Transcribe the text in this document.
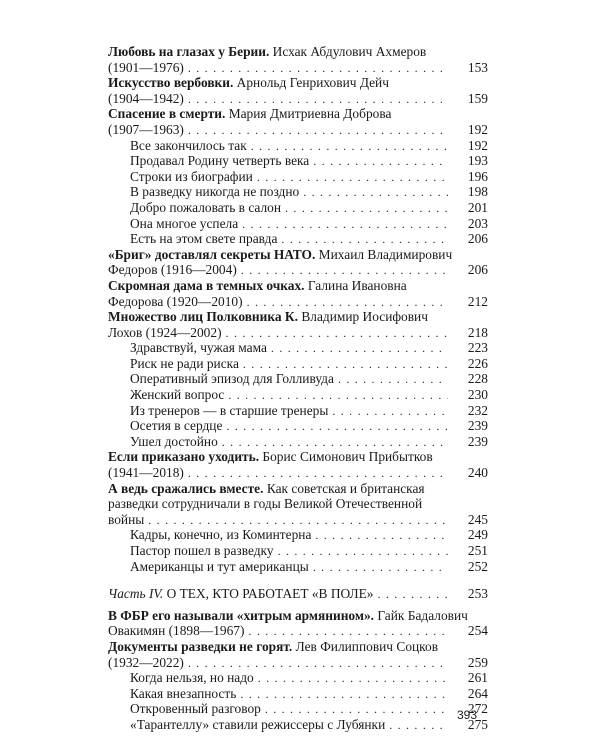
Любовь на глазах у Берии. Исхак Абдулович Ахмеров
(1901—1976) . . .	153
Искусство вербовки. Арнольд Генрихович Дейч
(1904—1942) . . .	159
Спасение в смерти. Мария Дмитриевна Доброва
(1907—1963) . . .	192
Все закончилось так . . .	192
Продавал Родину четверть века . . .	193
Строки из биографии . . .	196
В разведку никогда не поздно . . .	198
Добро пожаловать в салон . . .	201
Она многое успела . . .	203
Есть на этом свете правда . . .	206
«Бриг» доставлял секреты НАТО. Михаил Владимирович
Федоров (1916—2004) . . .	206
Скромная дама в темных очках. Галина Ивановна
Федорова (1920—2010) . . .	212
Множество лиц Полковника К. Владимир Иосифович
Лохов (1924—2002) . . .	218
Здравствуй, чужая мама . . .	223
Риск не ради риска . . .	226
Оперативный эпизод для Голливуда . . .	228
Женский вопрос . . .	230
Из тренеров — в старшие тренеры . . .	232
Осетия в сердце . . .	239
Ушел достойно . . .	239
Если приказано уходить. Борис Симонович Прибытков
(1941—2018) . . .	240
А ведь сражались вместе. Как советская и британская
разведки сотрудничали в годы Великой Отечественной
войны . . .	245
Кадры, конечно, из Коминтерна . . .	249
Пастор пошел в разведку . . .	251
Американцы и тут американцы . . .	252
Часть IV. О ТЕХ, КТО РАБОТАЕТ «В ПОЛЕ» . . .	253
В ФБР его называли «хитрым армянином». Гайк Бадалович
Овакимян (1898—1967) . . .	254
Документы разведки не горят. Лев Филиппович Соцков
(1932—2022) . . .	259
Когда нельзя, но надо . . .	261
Какая внезапность . . .	264
Откровенный разговор . . .	272
«Тарантеллу» ставили режиссеры с Лубянки . . .	275
393
